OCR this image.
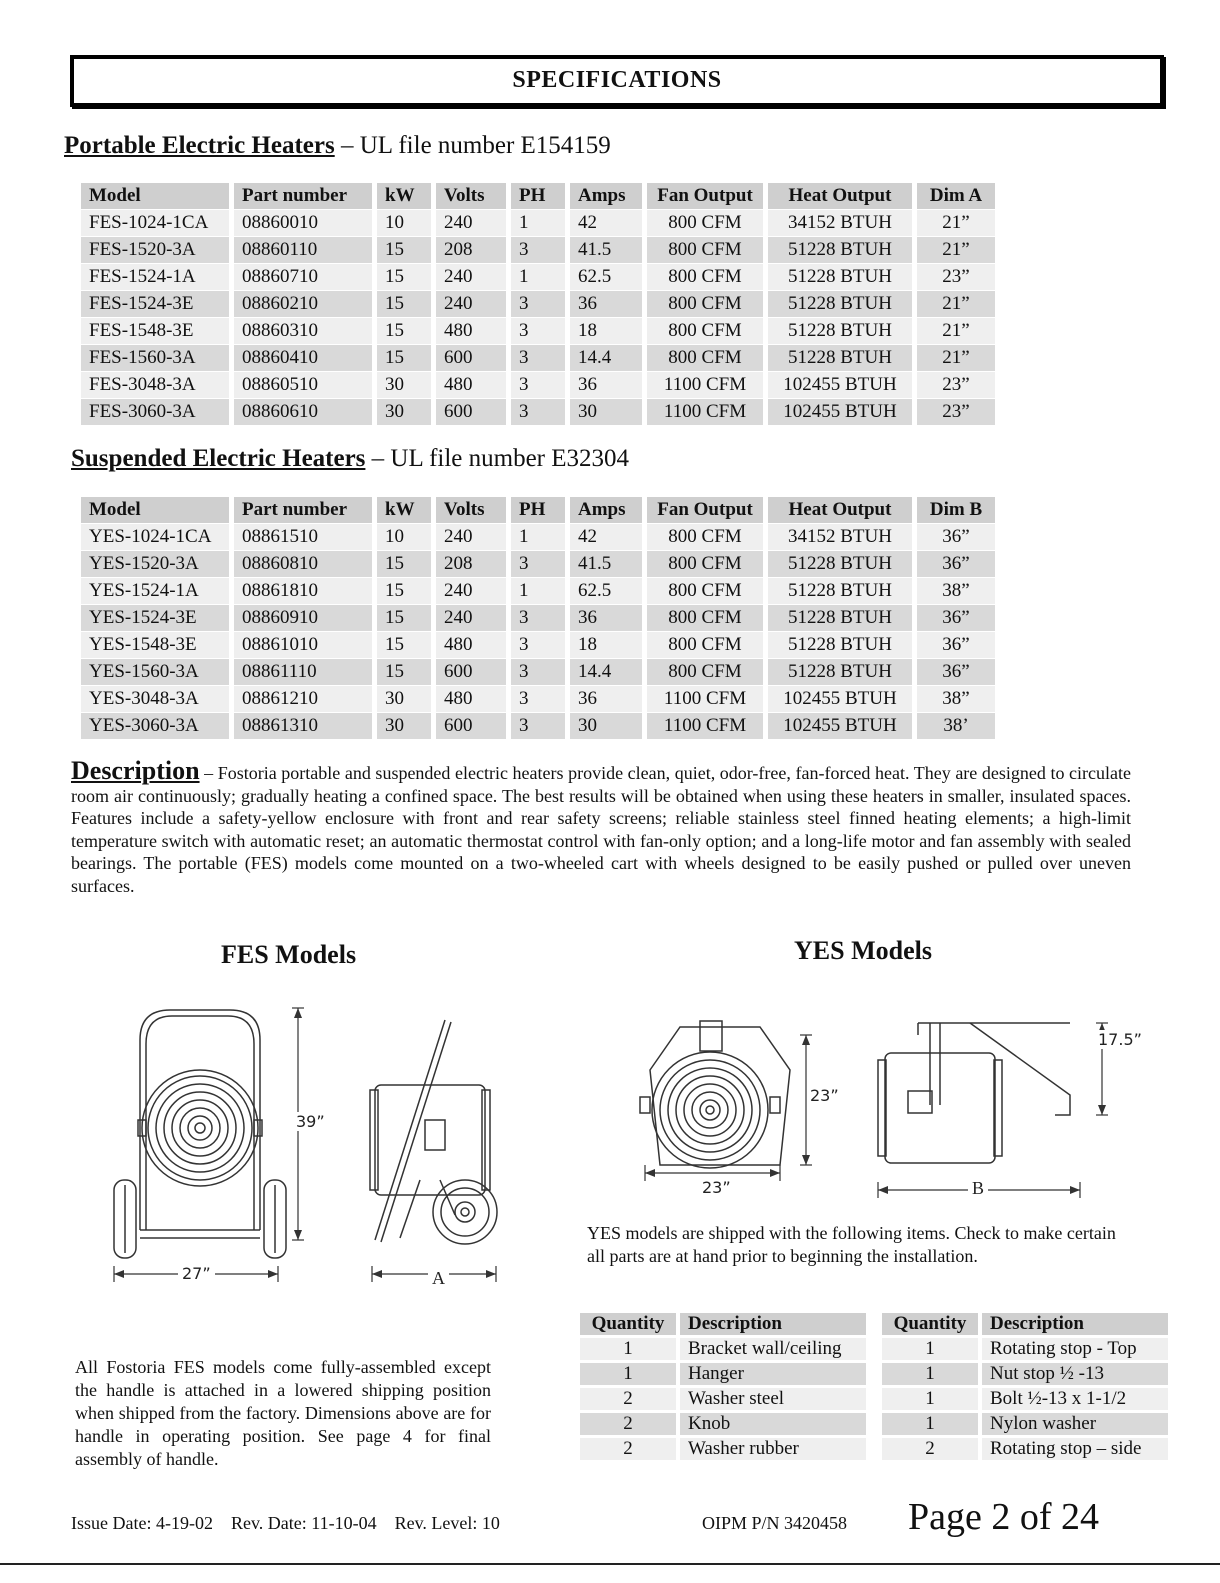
SPECIFICATIONS
Portable Electric Heaters – UL file number E154159
Model	Part number	kW	Volts	PH	Amps	Fan Output	Heat Output	Dim A
FES-1024-1CA	08860010	10	240	1	42	800 CFM	34152 BTUH	21”
FES-1520-3A	08860110	15	208	3	41.5	800 CFM	51228 BTUH	21”
FES-1524-1A	08860710	15	240	1	62.5	800 CFM	51228 BTUH	23”
FES-1524-3E	08860210	15	240	3	36	800 CFM	51228 BTUH	21”
FES-1548-3E	08860310	15	480	3	18	800 CFM	51228 BTUH	21”
FES-1560-3A	08860410	15	600	3	14.4	800 CFM	51228 BTUH	21”
FES-3048-3A	08860510	30	480	3	36	1100 CFM	102455 BTUH	23”
FES-3060-3A	08860610	30	600	3	30	1100 CFM	102455 BTUH	23”
Suspended Electric Heaters – UL file number E32304
Model	Part number	kW	Volts	PH	Amps	Fan Output	Heat Output	Dim B
YES-1024-1CA	08861510	10	240	1	42	800 CFM	34152 BTUH	36”
YES-1520-3A	08860810	15	208	3	41.5	800 CFM	51228 BTUH	36”
YES-1524-1A	08861810	15	240	1	62.5	800 CFM	51228 BTUH	38”
YES-1524-3E	08860910	15	240	3	36	800 CFM	51228 BTUH	36”
YES-1548-3E	08861010	15	480	3	18	800 CFM	51228 BTUH	36”
YES-1560-3A	08861110	15	600	3	14.4	800 CFM	51228 BTUH	36”
YES-3048-3A	08861210	30	480	3	36	1100 CFM	102455 BTUH	38”
YES-3060-3A	08861310	30	600	3	30	1100 CFM	102455 BTUH	38’
Description – Fostoria portable and suspended electric heaters provide clean, quiet, odor-free, fan-forced heat. They are designed to circulate room air continuously; gradually heating a confined space. The best results will be obtained when using these heaters in smaller, insulated spaces. Features include a safety-yellow enclosure with front and rear safety screens; reliable stainless steel finned heating elements; a high-limit temperature switch with automatic reset; an automatic thermostat control with fan-only option; and a long-life motor and fan assembly with sealed bearings. The portable (FES) models come mounted on a two-wheeled cart with wheels designed to be easily pushed or pulled over uneven surfaces.
FES Models
39”
27”	A
All Fostoria FES models come fully-assembled except the handle is attached in a lowered shipping position when shipped from the factory. Dimensions above are for handle in operating position. See page 4 for final assembly of handle.
YES Models
23”
23”
17.5”
B
YES models are shipped with the following items. Check to make certain all parts are at hand prior to beginning the installation.
Quantity	Description
1	Bracket wall/ceiling
1	Hanger
2	Washer steel
2	Knob
2	Washer rubber
Quantity	Description
1	Rotating stop - Top
1	Nut stop ½ -13
1	Bolt ½-13 x 1-1/2
1	Nylon washer
2	Rotating stop – side
Issue Date: 4-19-02    Rev. Date: 11-10-04    Rev. Level: 10	OIPM P/N 3420458 Page 2 of 24
